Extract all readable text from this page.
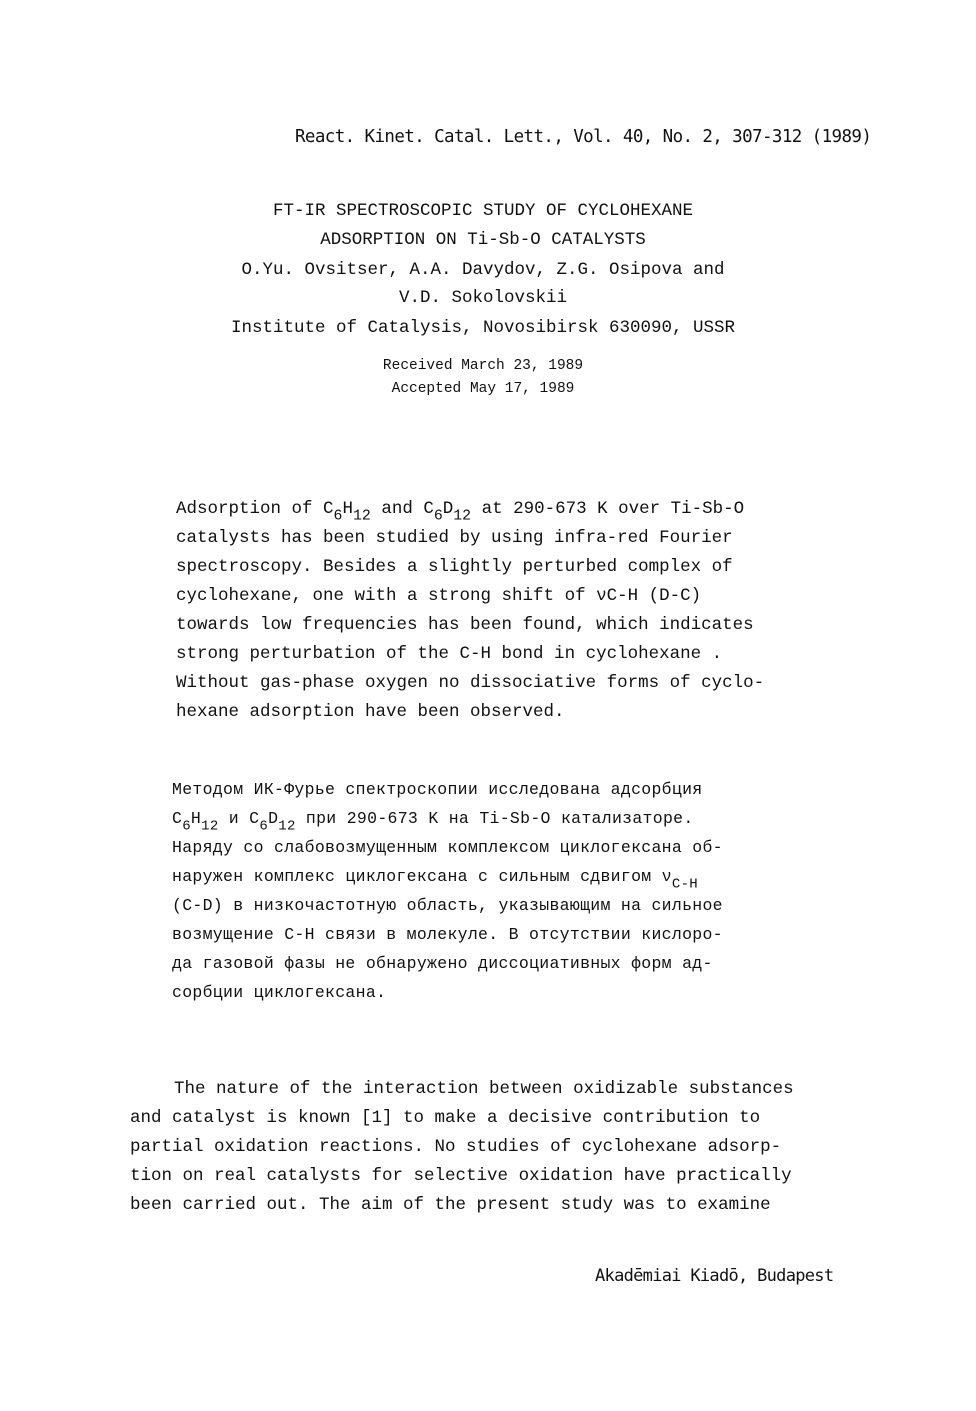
React. Kinet. Catal. Lett., Vol. 40, No. 2, 307-312 (1989)
FT-IR SPECTROSCOPIC STUDY OF CYCLOHEXANE
ADSORPTION ON Ti-Sb-O CATALYSTS
O.Yu. Ovsitser, A.A. Davydov, Z.G. Osipova and
V.D. Sokolovskii
Institute of Catalysis, Novosibirsk 630090, USSR
Received March 23, 1989
Accepted May 17, 1989
Adsorption of $C_6H_{12}$ and $C_6D_{12}$ at 290-673 K over Ti-Sb-O
catalysts has been studied by using infra-red Fourier
spectroscopy. Besides a slightly perturbed complex of
cyclohexane, one with a strong shift of νC-H (D-C)
towards low frequencies has been found, which indicates
strong perturbation of the C-H bond in cyclohexane .
Without gas-phase oxygen no dissociative forms of cyclo-
hexane adsorption have been observed.
Методом ИК-Фурье спектроскопии исследована адсорбция
$C_6H_{12}$ и $C_6D_{12}$ при 290-673 K на Ti-Sb-O катализаторе.
Наряду со слабовозмущенным комплексом циклогексана об-
наружен комплекс циклогексана с сильным сдвигом $\nu_{C-H}$
(C-D) в низкочастотную область, указывающим на сильное
возмущение C-H связи в молекуле. В отсутствии кислоро-
да газовой фазы не обнаружено диссоциативных форм ад-
сорбции циклогексана.
The nature of the interaction between oxidizable substances
and catalyst is known [1] to make a decisive contribution to
partial oxidation reactions. No studies of cyclohexane adsorp-
tion on real catalysts for selective oxidation have practically
been carried out. The aim of the present study was to examine
Akadēmiai Kiadō, Budapest
